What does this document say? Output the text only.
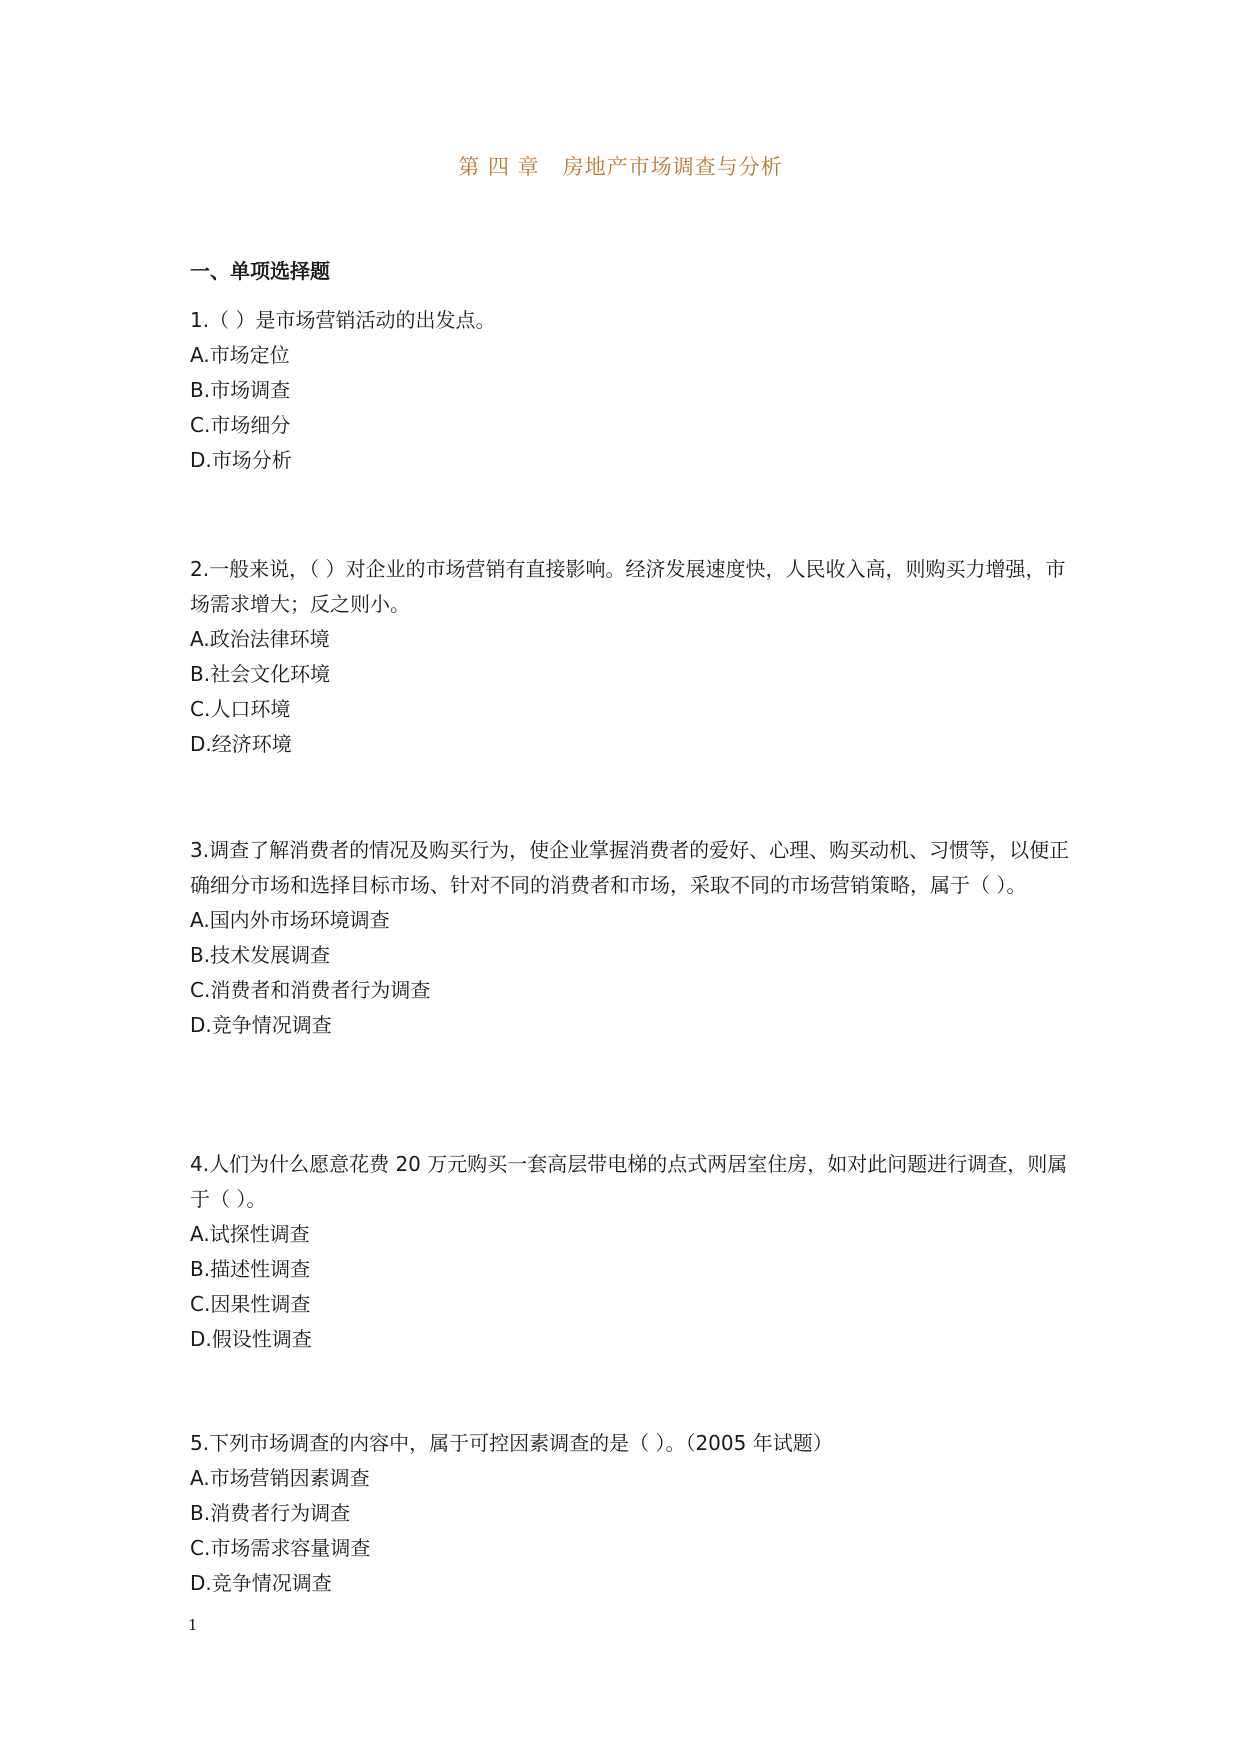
第 四 章   房地产市场调查与分析
一、单项选择题

1.（ ）是市场营销活动的出发点。

A.市场定位

B.市场调查

C.市场细分

D.市场分析

2.一般来说，（ ）对企业的市场营销有直接影响。经济发展速度快，人民收入高，则购买力增强，市场需求增大；反之则小。

A.政治法律环境

B.社会文化环境

C.人口环境

D.经济环境

3.调查了解消费者的情况及购买行为，使企业掌握消费者的爱好、心理、购买动机、习惯等，以便正确细分市场和选择目标市场、针对不同的消费者和市场，采取不同的市场营销策略，属于（ ）。

A.国内外市场环境调查

B.技术发展调查

C.消费者和消费者行为调查

D.竞争情况调查

4.人们为什么愿意花费 20 万元购买一套高层带电梯的点式两居室住房，如对此问题进行调查，则属于（ ）。

A.试探性调查

B.描述性调查

C.因果性调查

D.假设性调查

5.下列市场调查的内容中，属于可控因素调查的是（ ）。（2005 年试题）

A.市场营销因素调查

B.消费者行为调查

C.市场需求容量调查

D.竞争情况调查

1
